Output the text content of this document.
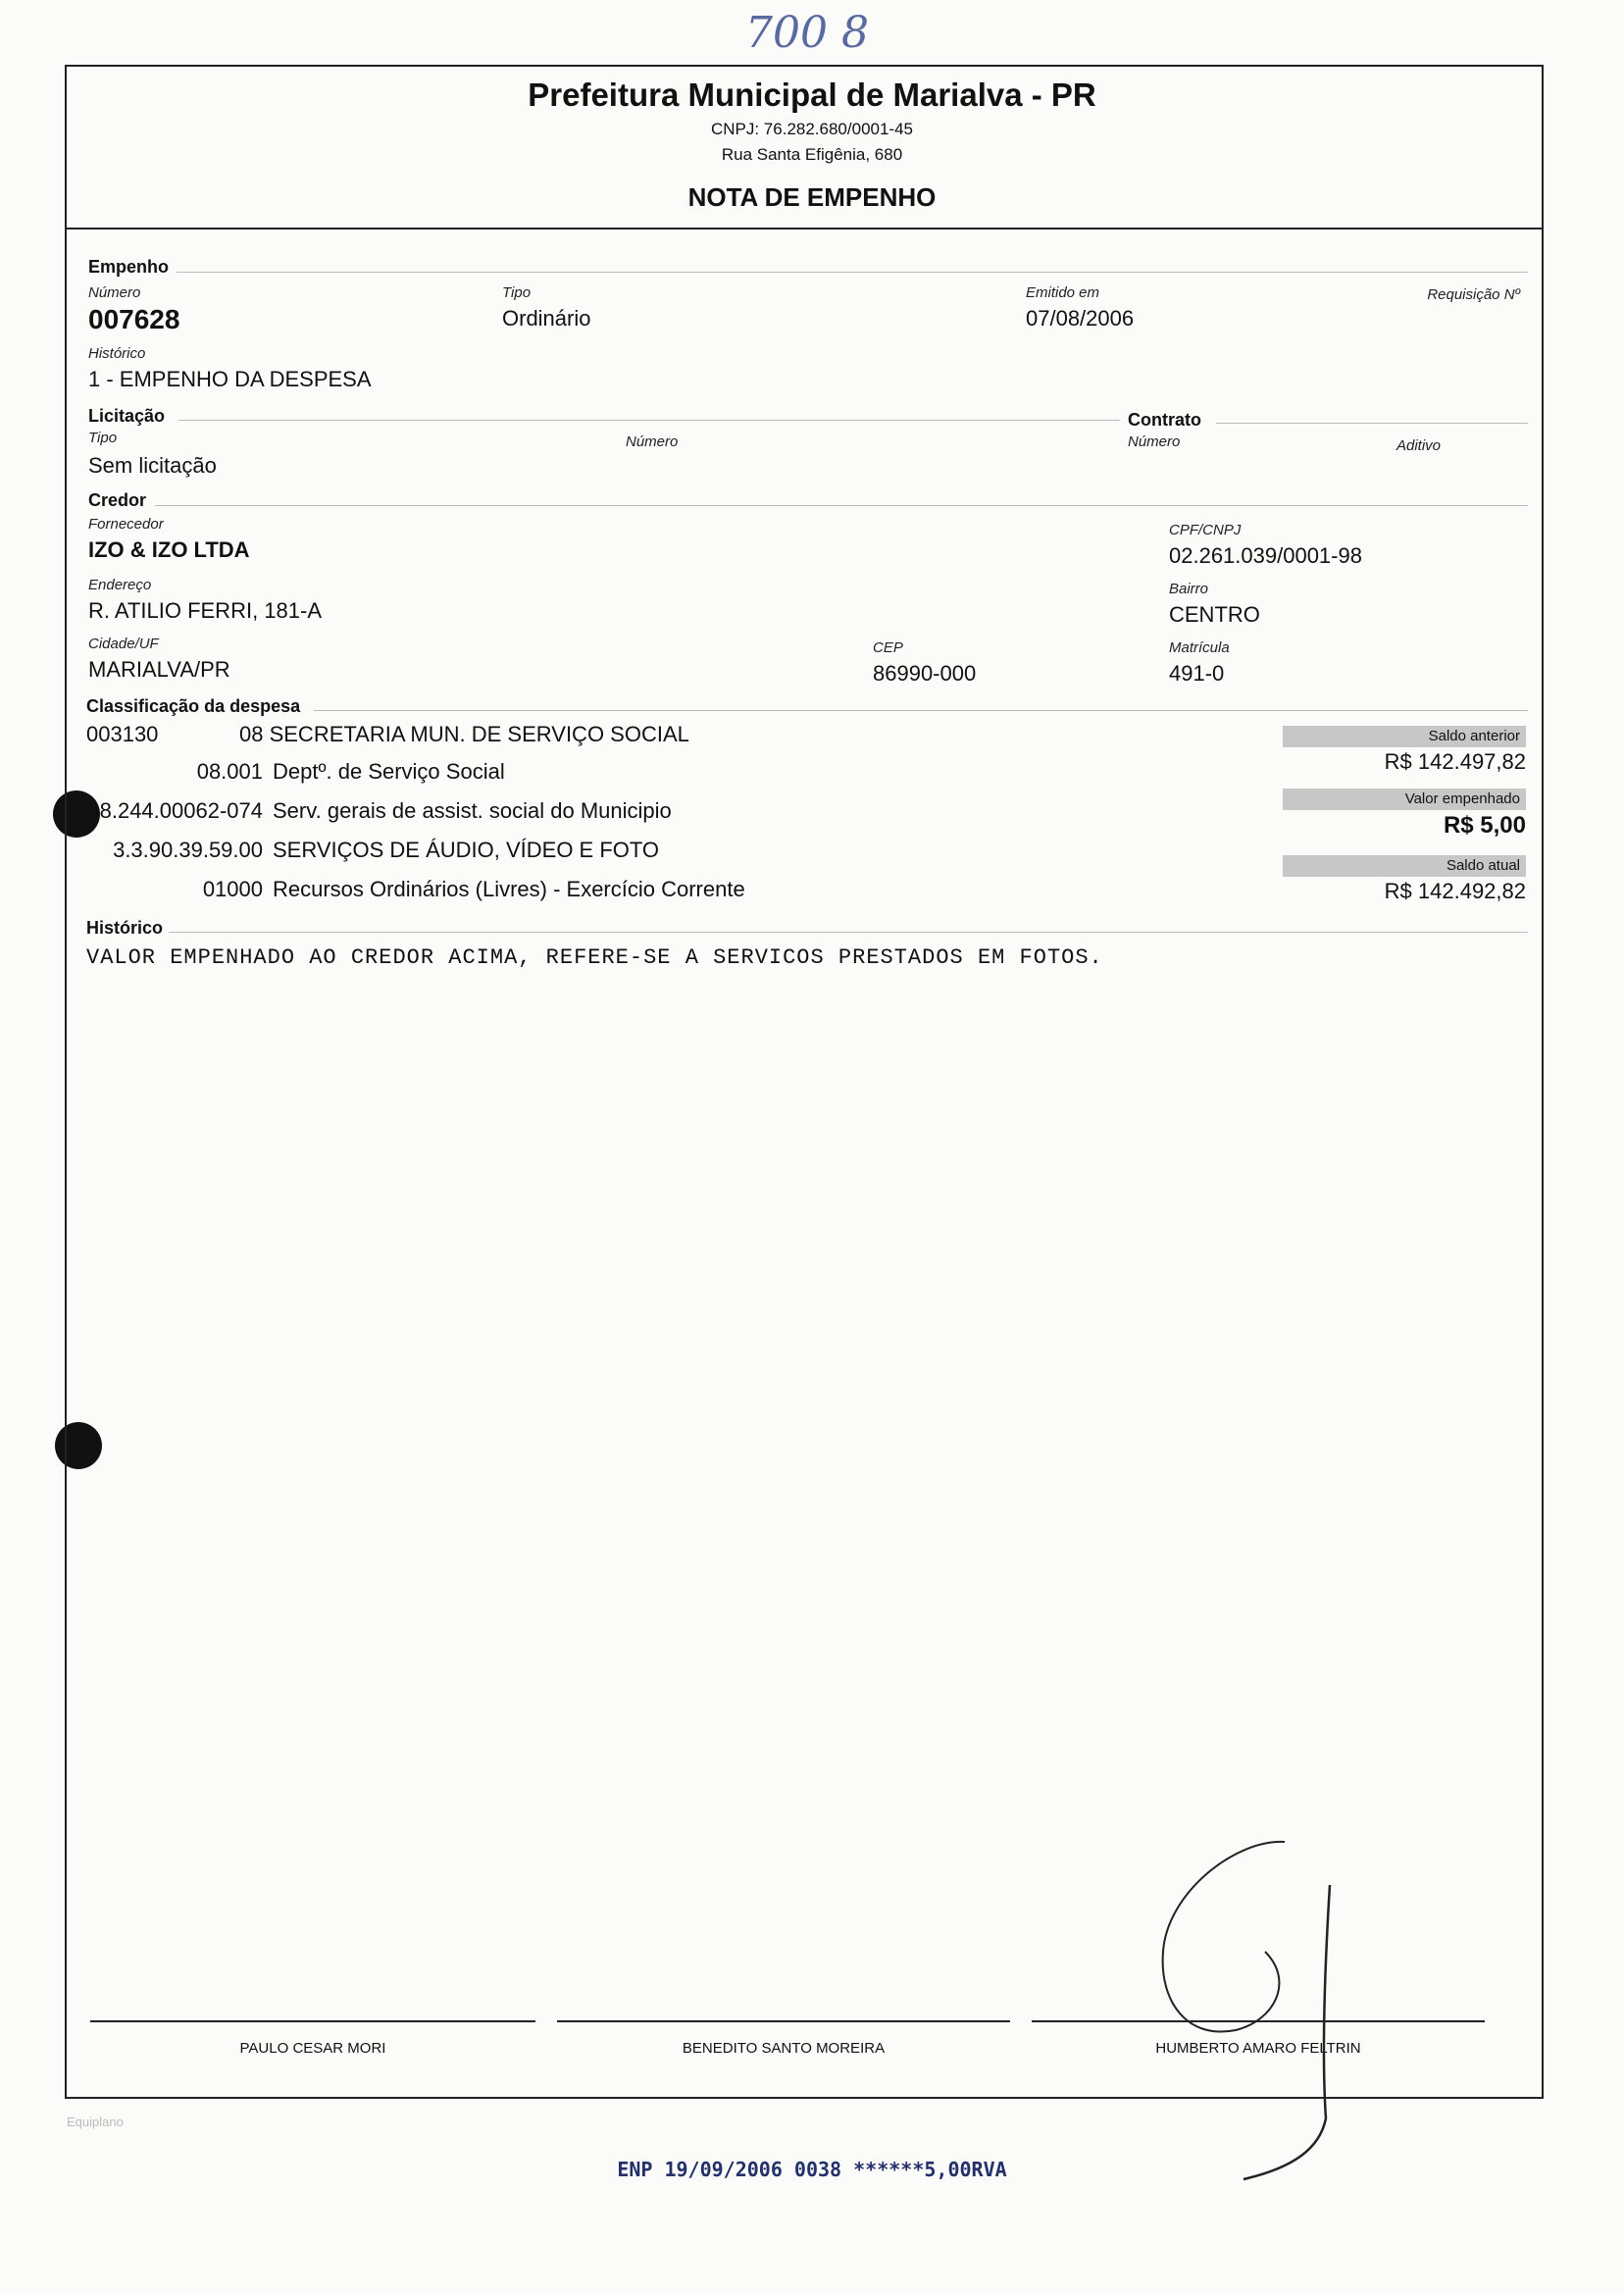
700 8
Prefeitura Municipal de Marialva - PR
CNPJ: 76.282.680/0001-45
Rua Santa Efigênia, 680
NOTA DE EMPENHO
Empenho
Número
007628
Tipo
Ordinário
Emitido em
07/08/2006
Requisição Nº
Histórico
1 - EMPENHO DA DESPESA
Licitação
Tipo
Sem licitação
Número
Contrato
Número	Aditivo
Credor
Fornecedor
IZO & IZO LTDA
CPF/CNPJ
02.261.039/0001-98
Endereço
R. ATILIO FERRI, 181-A
Bairro
CENTRO
Cidade/UF
MARIALVA/PR
CEP
86990-000
Matrícula
491-0
Classificação da despesa
003130	08 SECRETARIA MUN. DE SERVIÇO SOCIAL
08.001 Deptº. de Serviço Social
08.244.00062-074 Serv. gerais de assist. social do Municipio
3.3.90.39.59.00 SERVIÇOS DE ÁUDIO, VÍDEO E FOTO
01000 Recursos Ordinários (Livres) - Exercício Corrente
Saldo anterior
R$ 142.497,82
Valor empenhado
R$ 5,00
Saldo atual
R$ 142.492,82
Histórico
VALOR EMPENHADO AO CREDOR ACIMA, REFERE-SE A SERVICOS PRESTADOS EM FOTOS.
PAULO CESAR MORI	BENEDITO SANTO MOREIRA	HUMBERTO AMARO FELTRIN
Equiplano
ENP 19/09/2006 0038 ******5,00RVA
